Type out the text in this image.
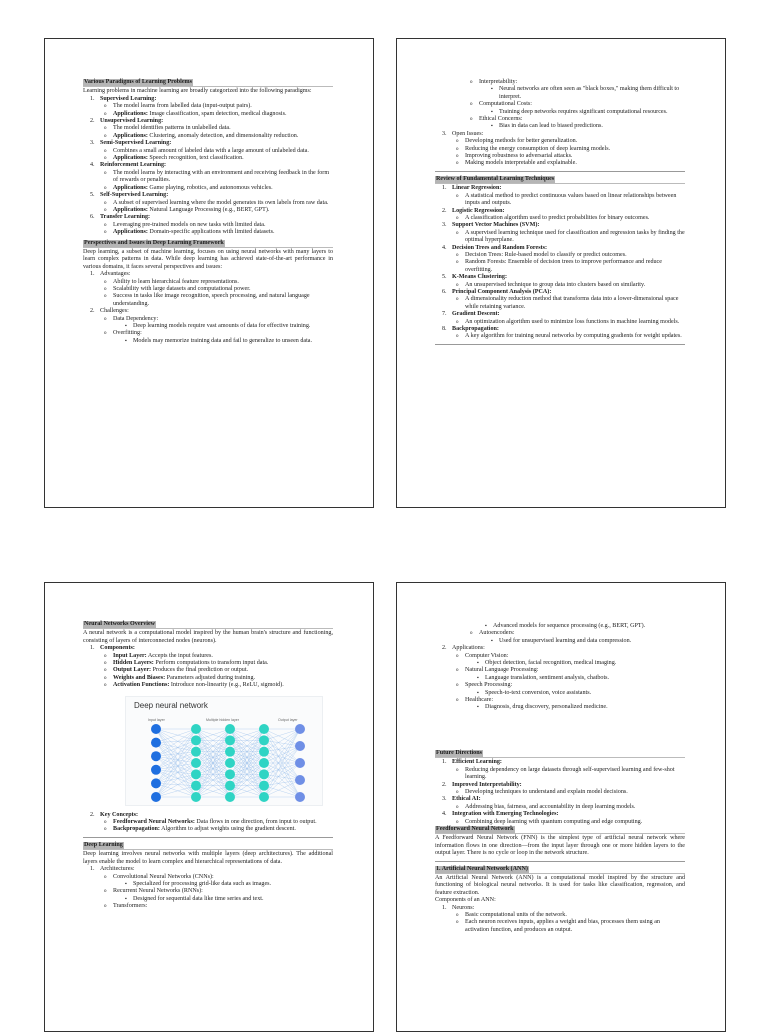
Various Paradigms of Learning Problems

Learning problems in machine learning are broadly categorized into the following paradigms:

1. Supervised Learning:
o The model learns from labelled data (input-output pairs).
o Applications: Image classification, spam detection, medical diagnosis.
2. Unsupervised Learning:
o The model identifies patterns in unlabelled data.
o Applications: Clustering, anomaly detection, and dimensionality reduction.
3. Semi-Supervised Learning:
o Combines a small amount of labeled data with a large amount of unlabeled data.
o Applications: Speech recognition, text classification.
4. Reinforcement Learning:
o The model learns by interacting with an environment and receiving feedback in the form of rewards or penalties.
o Applications: Game playing, robotics, and autonomous vehicles.
5. Self-Supervised Learning:
o A subset of supervised learning where the model generates its own labels from raw data.
o Applications: Natural Language Processing (e.g., BERT, GPT).
6. Transfer Learning:
o Leveraging pre-trained models on new tasks with limited data.
o Applications: Domain-specific applications with limited datasets.
Perspectives and Issues in Deep Learning Framework

Deep learning, a subset of machine learning, focuses on using neural networks with many layers to learn complex patterns in data. While deep learning has achieved state-of-the-art performance in various domains, it faces several perspectives and issues:

1. Advantages:
o Ability to learn hierarchical feature representations.
o Scalability with large datasets and computational power.
o Success in tasks like image recognition, speech processing, and natural language understanding.
2. Challenges:
o Data Dependency:
▪ Deep learning models require vast amounts of data for effective training.
o Overfitting:
▪ Models may memorize training data and fail to generalize to unseen data.
o Interpretability:
▪ Neural networks are often seen as "black boxes," making them difficult to interpret.
o Computational Costs:
▪ Training deep networks requires significant computational resources.
o Ethical Concerns:
▪ Bias in data can lead to biased predictions.
3. Open Issues:
o Developing methods for better generalization.
o Reducing the energy consumption of deep learning models.
o Improving robustness to adversarial attacks.
o Making models interpretable and explainable.
Review of Fundamental Learning Techniques
1. Linear Regression:
o A statistical method to predict continuous values based on linear relationships between inputs and outputs.
2. Logistic Regression:
o A classification algorithm used to predict probabilities for binary outcomes.
3. Support Vector Machines (SVM):
o A supervised learning technique used for classification and regression tasks by finding the optimal hyperplane.
4. Decision Trees and Random Forests:
o Decision Trees: Rule-based model to classify or predict outcomes.
o Random Forests: Ensemble of decision trees to improve performance and reduce overfitting.
5. K-Means Clustering:
o An unsupervised technique to group data into clusters based on similarity.
6. Principal Component Analysis (PCA):
o A dimensionality reduction method that transforms data into a lower-dimensional space while retaining variance.
7. Gradient Descent:
o An optimization algorithm used to minimize loss functions in machine learning models.
8. Backpropagation:
o A key algorithm for training neural networks by computing gradients for weight updates.
Neural Networks Overview

A neural network is a computational model inspired by the human brain's structure and functioning, consisting of layers of interconnected nodes (neurons).

1. Components:
o Input Layer: Accepts the input features.
o Hidden Layers: Perform computations to transform input data.
o Output Layer: Produces the final prediction or output.
o Weights and Biases: Parameters adjusted during training.
o Activation Functions: Introduce non-linearity (e.g., ReLU, sigmoid).
Deep neural network
Input layer	Multiple hidden layer	Output layer
2. Key Concepts:
o Feedforward Neural Networks: Data flows in one direction, from input to output.
o Backpropagation: Algorithm to adjust weights using the gradient descent.
Deep Learning

Deep learning involves neural networks with multiple layers (deep architectures). The additional layers enable the model to learn complex and hierarchical representations of data.

1. Architectures:
o Convolutional Neural Networks (CNNs):
▪ Specialized for processing grid-like data such as images.
o Recurrent Neural Networks (RNNs):
▪ Designed for sequential data like time series and text.
o Transformers:
▪ Advanced models for sequence processing (e.g., BERT, GPT).
o Autoencoders:
▪ Used for unsupervised learning and data compression.
2. Applications:
o Computer Vision:
▪ Object detection, facial recognition, medical imaging.
o Natural Language Processing:
▪ Language translation, sentiment analysis, chatbots.
o Speech Processing:
▪ Speech-to-text conversion, voice assistants.
o Healthcare:
▪ Diagnosis, drug discovery, personalized medicine.
Future Directions
1. Efficient Learning:
o Reducing dependency on large datasets through self-supervised learning and few-shot learning.
2. Improved Interpretability:
o Developing techniques to understand and explain model decisions.
3. Ethical AI:
o Addressing bias, fairness, and accountability in deep learning models.
4. Integration with Emerging Technologies:
o Combining deep learning with quantum computing and edge computing.
Feedforward Neural Network

A Feedforward Neural Network (FNN) is the simplest type of artificial neural network where information flows in one direction—from the input layer through one or more hidden layers to the output layer. There is no cycle or loop in the network structure.

1. Artificial Neural Network (ANN)

An Artificial Neural Network (ANN) is a computational model inspired by the structure and functioning of biological neural networks. It is used for tasks like classification, regression, and feature extraction.

Components of an ANN:
1. Neurons:
o Basic computational units of the network.
o Each neuron receives inputs, applies a weight and bias, processes them using an activation function, and produces an output.
